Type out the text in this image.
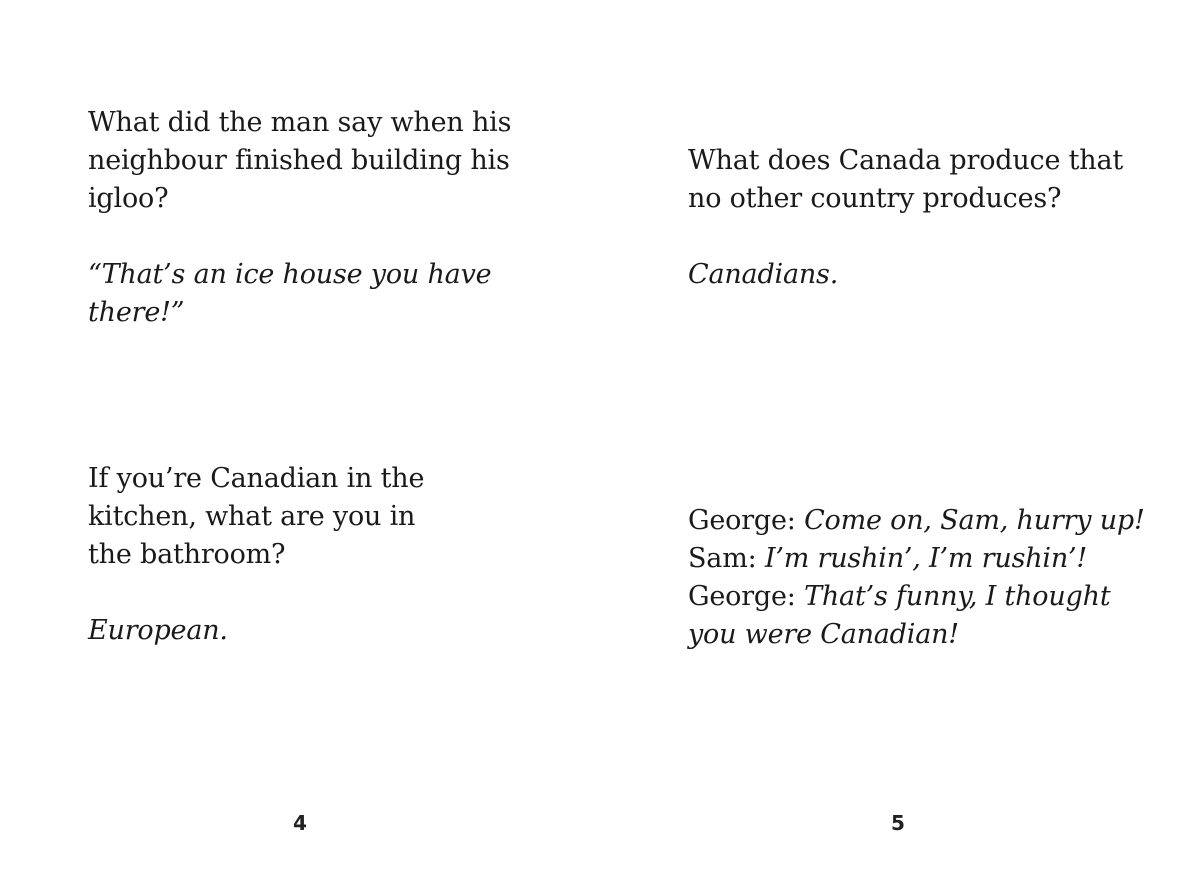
What did the man say when his
neighbour finished building his
igloo?

“That’s an ice house you have
there!”

If you’re Canadian in the
kitchen, what are you in
the bathroom?

European.

4

What does Canada produce that
no other country produces?

Canadians.

George: Come on, Sam, hurry up!
Sam: I’m rushin’, I’m rushin’!
George: That’s funny, I thought
you were Canadian!

5
